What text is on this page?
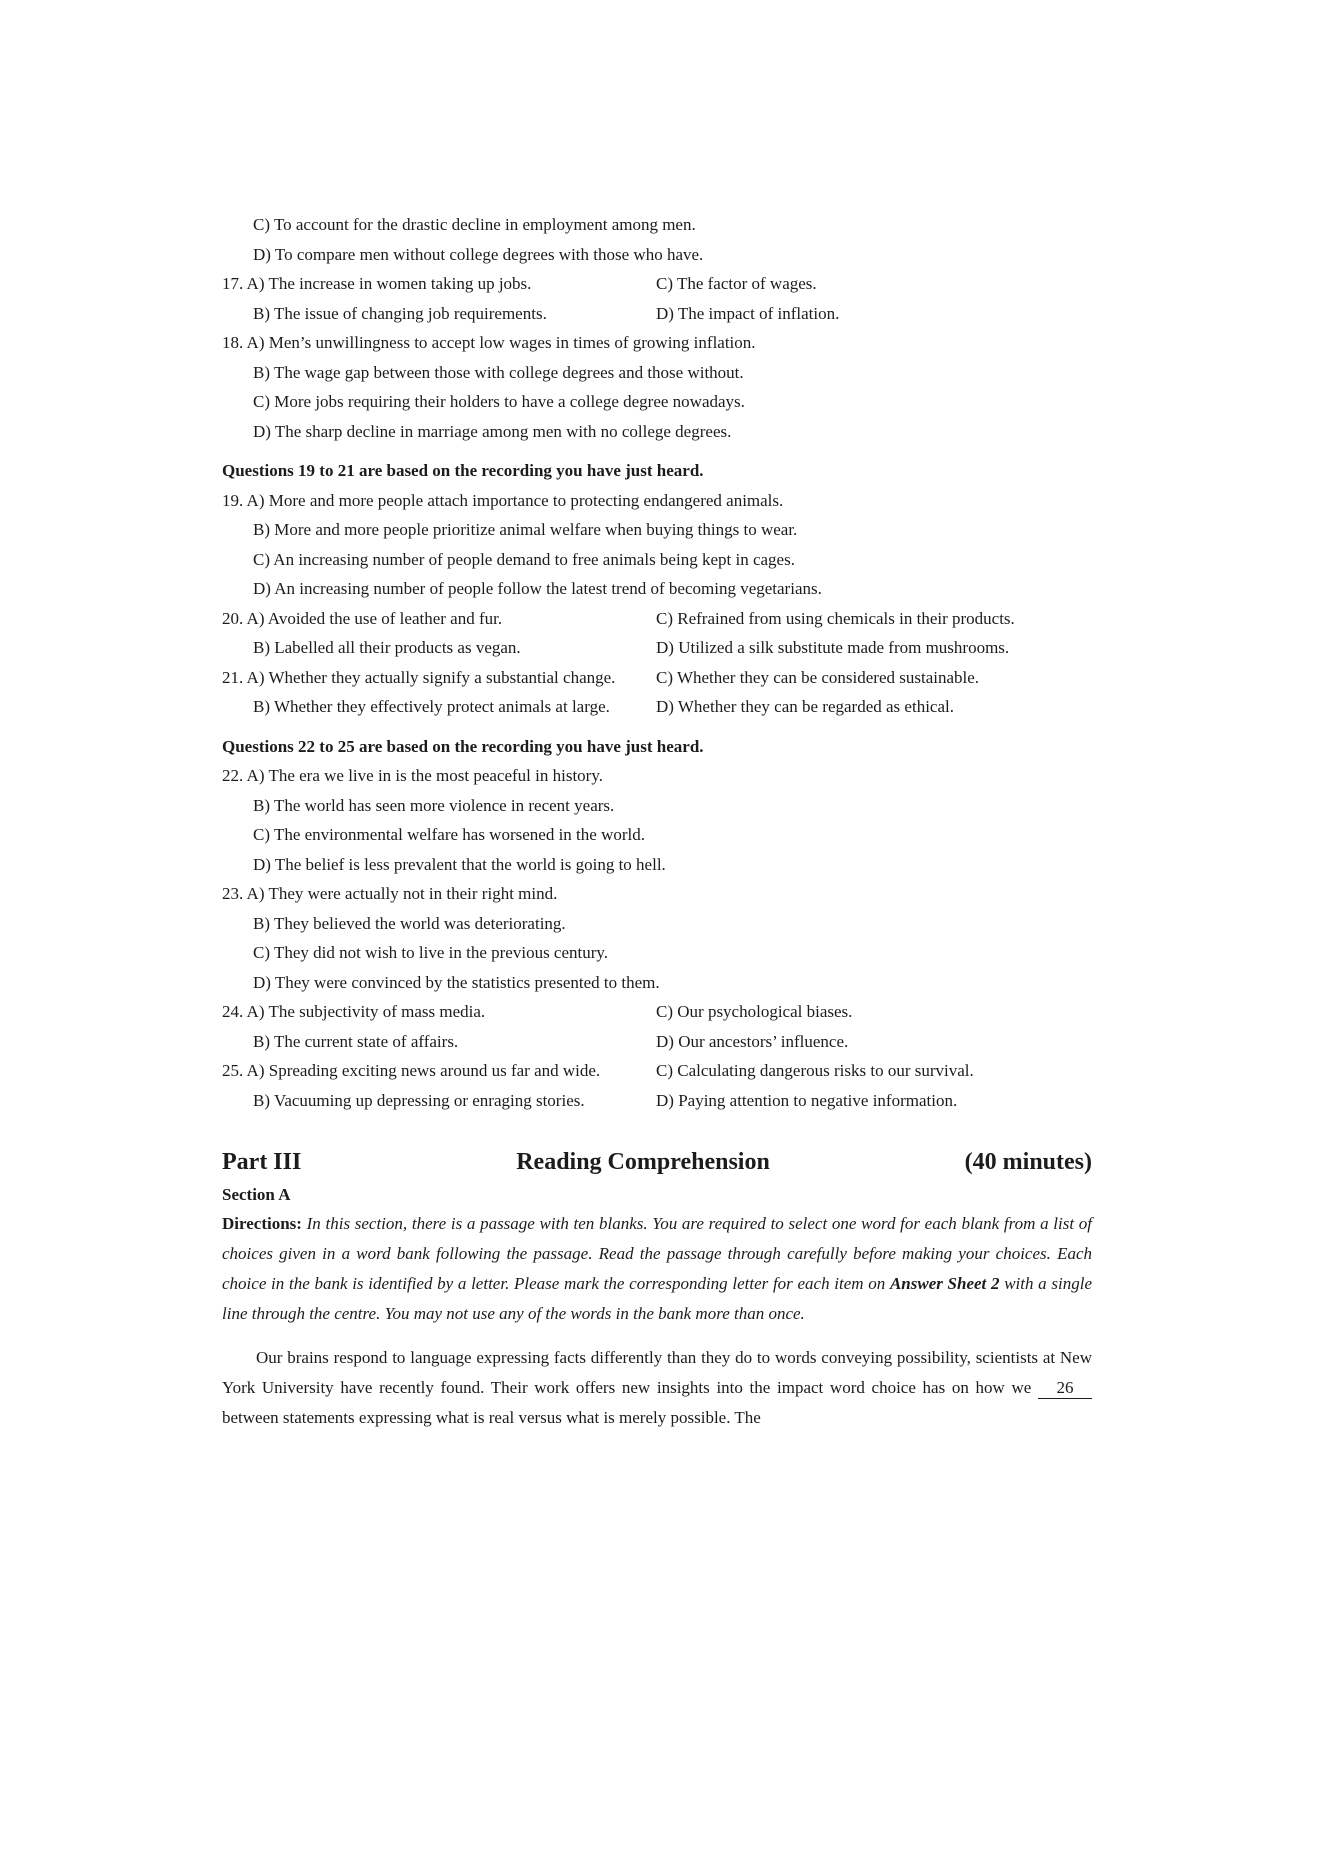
C) To account for the drastic decline in employment among men.
D) To compare men without college degrees with those who have.
17. A) The increase in women taking up jobs.	C) The factor of wages.
B) The issue of changing job requirements.	D) The impact of inflation.
18. A) Men’s unwillingness to accept low wages in times of growing inflation.
B) The wage gap between those with college degrees and those without.
C) More jobs requiring their holders to have a college degree nowadays.
D) The sharp decline in marriage among men with no college degrees.
Questions 19 to 21 are based on the recording you have just heard.
19. A) More and more people attach importance to protecting endangered animals.
B) More and more people prioritize animal welfare when buying things to wear.
C) An increasing number of people demand to free animals being kept in cages.
D) An increasing number of people follow the latest trend of becoming vegetarians.
20. A) Avoided the use of leather and fur.	C) Refrained from using chemicals in their products.
B) Labelled all their products as vegan.	D) Utilized a silk substitute made from mushrooms.
21. A) Whether they actually signify a substantial change.	C) Whether they can be considered sustainable.
B) Whether they effectively protect animals at large.	D) Whether they can be regarded as ethical.
Questions 22 to 25 are based on the recording you have just heard.
22. A) The era we live in is the most peaceful in history.
B) The world has seen more violence in recent years.
C) The environmental welfare has worsened in the world.
D) The belief is less prevalent that the world is going to hell.
23. A) They were actually not in their right mind.
B) They believed the world was deteriorating.
C) They did not wish to live in the previous century.
D) They were convinced by the statistics presented to them.
24. A) The subjectivity of mass media.	C) Our psychological biases.
B) The current state of affairs.	D) Our ancestors’ influence.
25. A) Spreading exciting news around us far and wide.	C) Calculating dangerous risks to our survival.
B) Vacuuming up depressing or enraging stories.	D) Paying attention to negative information.
Part III	Reading Comprehension	(40 minutes)
Section A
Directions: In this section, there is a passage with ten blanks. You are required to select one word for each blank from a list of choices given in a word bank following the passage. Read the passage through carefully before making your choices. Each choice in the bank is identified by a letter. Please mark the corresponding letter for each item on Answer Sheet 2 with a single line through the centre. You may not use any of the words in the bank more than once.
Our brains respond to language expressing facts differently than they do to words conveying possibility, scientists at New York University have recently found. Their work offers new insights into the impact word choice has on how we 26 between statements expressing what is real versus what is merely possible. The
